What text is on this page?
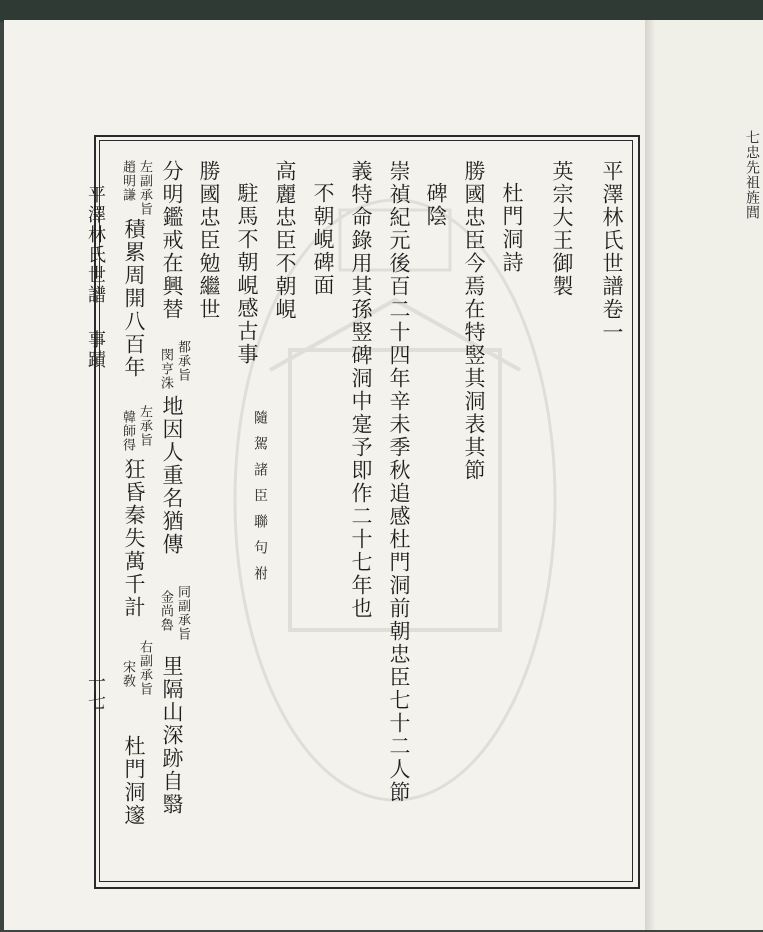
七忠先祖旌閭
平澤林氏世譜
事蹟
一七
平澤林氏世譜卷一
英宗大王御製
杜門洞詩
勝國忠臣今焉在特竪其洞表其節
碑陰
崇禎紀元後百二十四年辛未季秋追感杜門洞前朝忠臣七十二人節
義特命錄用其孫竪碑洞中寔予即作二十七年也
不朝峴碑面
高麗忠臣不朝峴
駐馬不朝峴感古事
隨駕諸臣聯句祔
勝國忠臣勉繼世
分明鑑戒在興替
都承旨
閔亨洙
地因人重名猶傳
同副承旨
金尚魯
里隔山深跡自翳
左副承旨
趙明謙
積累周開八百年
左承旨
韓師得
狂昏秦失萬千計
右副承旨
宋敎
杜門洞邃
